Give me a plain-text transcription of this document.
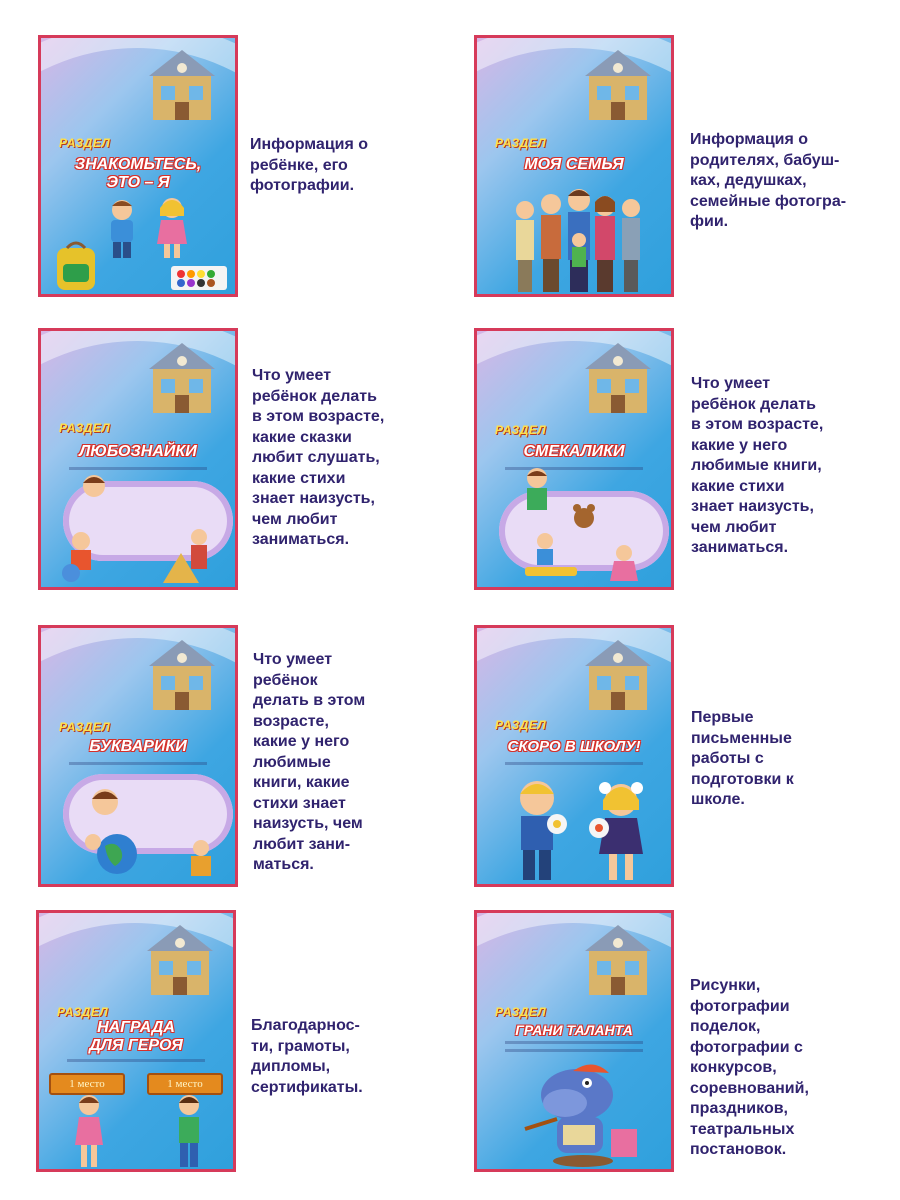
РАЗДЕЛ
ЗНАКОМЬТЕСЬ,
ЭТО – Я

Информация о
ребёнке, его
фотографии.

РАЗДЕЛ
МОЯ СЕМЬЯ

Информация о
родителях, бабуш-
ках, дедушках,
семейные фотогра-
фии.

РАЗДЕЛ
ЛЮБОЗНАЙКИ

Что умеет
ребёнок делать
в этом возрасте,
какие сказки
любит слушать,
какие стихи
знает наизусть,
чем любит
заниматься.

РАЗДЕЛ
СМЕКАЛИКИ

Что умеет
ребёнок делать
в этом возрасте,
какие у него
любимые книги,
какие стихи
знает наизусть,
чем любит
заниматься.

РАЗДЕЛ
БУКВАРИКИ

Что умеет
ребёнок
делать в этом
возрасте,
какие у него
любимые
книги, какие
стихи знает
наизусть, чем
любит зани-
маться.

РАЗДЕЛ
СКОРО В ШКОЛУ!

Первые
письменные
работы с
подготовки к
школе.

РАЗДЕЛ
НАГРАДА
ДЛЯ ГЕРОЯ
1 место	1 место

Благодарнос-
ти, грамоты,
дипломы,
сертификаты.

РАЗДЕЛ
ГРАНИ ТАЛАНТА

Рисунки,
фотографии
поделок,
фотографии с
конкурсов,
соревнований,
праздников,
театральных
постановок.
